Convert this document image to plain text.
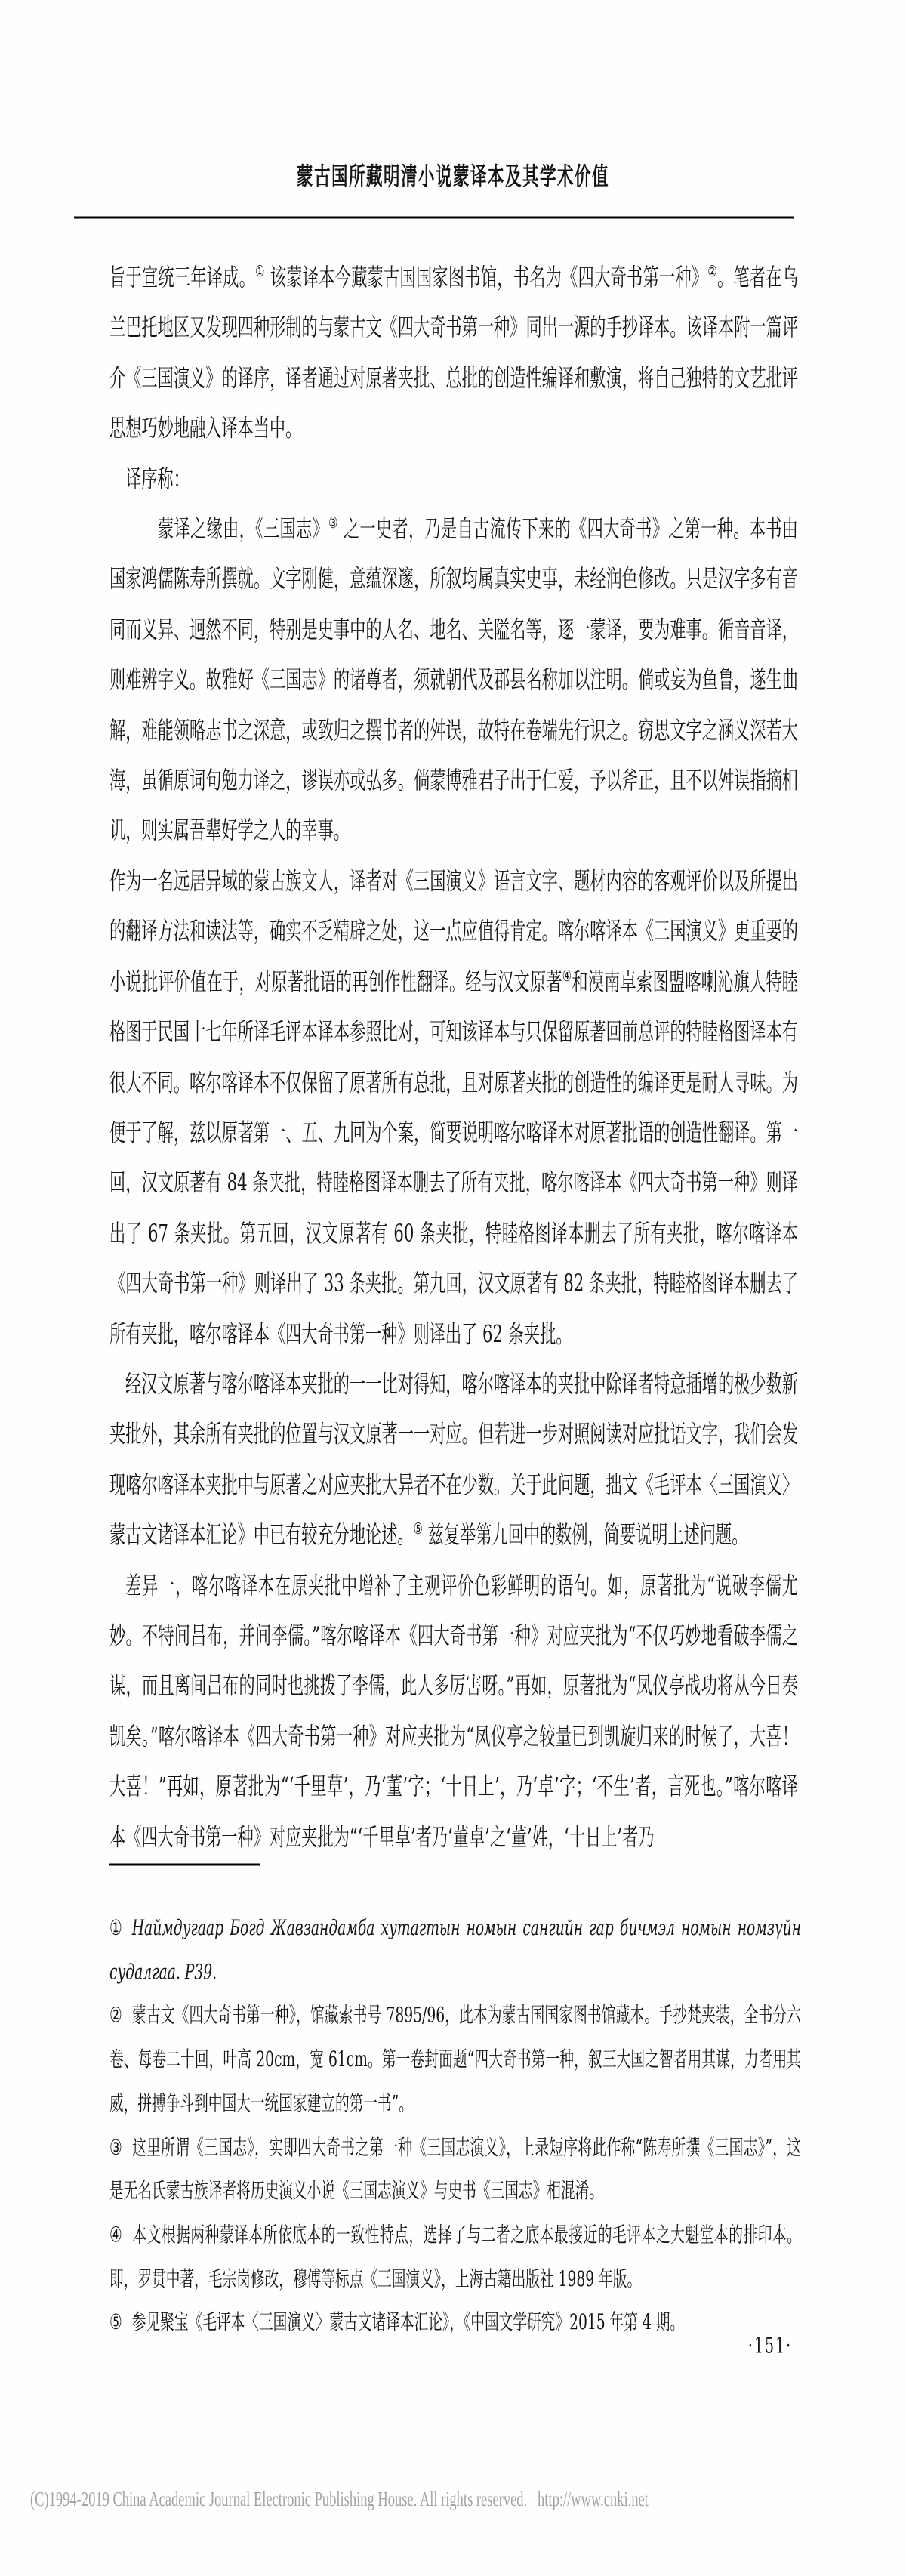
蒙古国所藏明清小说蒙译本及其学术价值

旨于宣统三年译成。① 该蒙译本今藏蒙古国国家图书馆，书名为《四大奇书第一种》②。笔者在乌兰巴托地区又发现四种形制的与蒙古文《四大奇书第一种》同出一源的手抄译本。该译本附一篇评介《三国演义》的译序，译者通过对原著夹批、总批的创造性编译和敷演，将自己独特的文艺批评思想巧妙地融入译本当中。

译序称：

蒙译之缘由，《三国志》③ 之一史者，乃是自古流传下来的《四大奇书》之第一种。本书由国家鸿儒陈寿所撰就。文字刚健，意蕴深邃，所叙均属真实史事，未经润色修改。只是汉字多有音同而义异、迥然不同，特别是史事中的人名、地名、关隘名等，逐一蒙译，要为难事。循音音译，则难辨字义。故雅好《三国志》的诸尊者，须就朝代及郡县名称加以注明。倘或妄为鱼鲁，遂生曲解，难能领略志书之深意，或致归之撰书者的舛误，故特在卷端先行识之。窃思文字之涵义深若大海，虽循原词句勉力译之，谬误亦或弘多。倘蒙博雅君子出于仁爱，予以斧正，且不以舛误指摘相讥，则实属吾辈好学之人的幸事。

作为一名远居异域的蒙古族文人，译者对《三国演义》语言文字、题材内容的客观评价以及所提出的翻译方法和读法等，确实不乏精辟之处，这一点应值得肯定。喀尔喀译本《三国演义》更重要的小说批评价值在于，对原著批语的再创作性翻译。经与汉文原著④和漠南卓索图盟喀喇沁旗人特睦格图于民国十七年所译毛评本译本参照比对，可知该译本与只保留原著回前总评的特睦格图译本有很大不同。喀尔喀译本不仅保留了原著所有总批，且对原著夹批的创造性的编译更是耐人寻味。为便于了解，兹以原著第一、五、九回为个案，简要说明喀尔喀译本对原著批语的创造性翻译。第一回，汉文原著有 84 条夹批，特睦格图译本删去了所有夹批，喀尔喀译本《四大奇书第一种》则译出了 67 条夹批。第五回，汉文原著有 60 条夹批，特睦格图译本删去了所有夹批，喀尔喀译本《四大奇书第一种》则译出了 33 条夹批。第九回，汉文原著有 82 条夹批，特睦格图译本删去了所有夹批，喀尔喀译本《四大奇书第一种》则译出了 62 条夹批。

经汉文原著与喀尔喀译本夹批的一一比对得知，喀尔喀译本的夹批中除译者特意插增的极少数新夹批外，其余所有夹批的位置与汉文原著一一对应。但若进一步对照阅读对应批语文字，我们会发现喀尔喀译本夹批中与原著之对应夹批大异者不在少数。关于此问题，拙文《毛评本〈三国演义〉蒙古文诸译本汇论》中已有较充分地论述。⑤ 兹复举第九回中的数例，简要说明上述问题。

差异一，喀尔喀译本在原夹批中增补了主观评价色彩鲜明的语句。如，原著批为“说破李儒尤妙。不特间吕布，并间李儒。”喀尔喀译本《四大奇书第一种》对应夹批为“不仅巧妙地看破李儒之谋，而且离间吕布的同时也挑拨了李儒，此人多厉害呀。”再如，原著批为“凤仪亭战功将从今日奏凯矣。”喀尔喀译本《四大奇书第一种》对应夹批为“凤仪亭之较量已到凯旋归来的时候了，大喜！大喜！”再如，原著批为“‘千里草’，乃‘董’字；‘十日上’，乃‘卓’字；‘不生’者，言死也。”喀尔喀译本《四大奇书第一种》对应夹批为“‘千里草’者乃‘董卓’之‘董’姓，‘十日上’者乃

① Наймдугаар Богд Жавзандамба хутагтын номын сангийн гар бичмэл номын номзүйн судалгаа. P39.

② 蒙古文《四大奇书第一种》，馆藏索书号 7895/96，此本为蒙古国国家图书馆藏本。手抄梵夹装，全书分六卷、每卷二十回，叶高 20cm，宽 61cm。第一卷封面题“四大奇书第一种，叙三大国之智者用其谋，力者用其威，拼搏争斗到中国大一统国家建立的第一书”。

③ 这里所谓《三国志》，实即四大奇书之第一种《三国志演义》，上录短序将此作称“陈寿所撰《三国志》”，这是无名氏蒙古族译者将历史演义小说《三国志演义》与史书《三国志》相混淆。

④ 本文根据两种蒙译本所依底本的一致性特点，选择了与二者之底本最接近的毛评本之大魁堂本的排印本。即，罗贯中著，毛宗岗修改，穆傅等标点《三国演义》，上海古籍出版社 1989 年版。

⑤ 参见聚宝《毛评本〈三国演义〉蒙古文诸译本汇论》，《中国文学研究》2015 年第 4 期。

·151·
(C)1994-2019 China Academic Journal Electronic Publishing House. All rights reserved.   http://www.cnki.net
